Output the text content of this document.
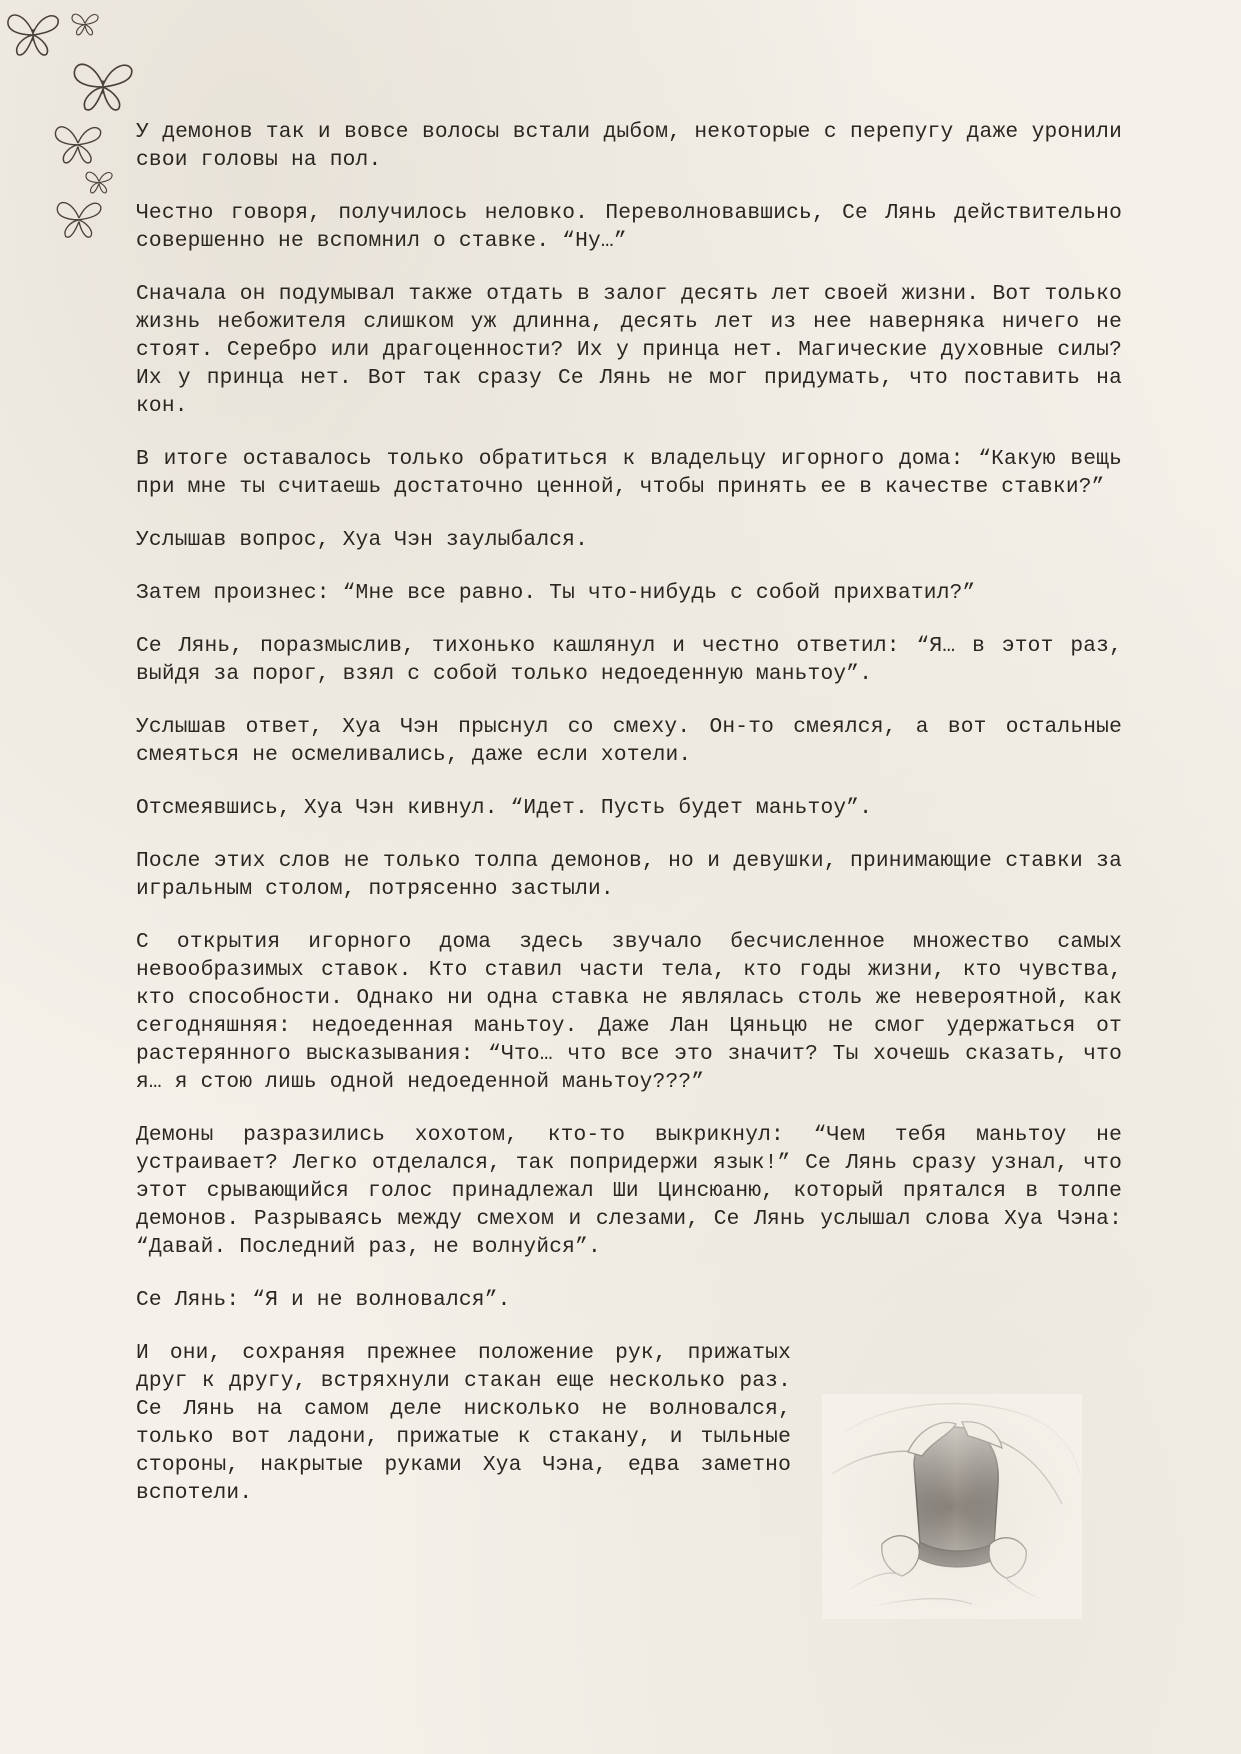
У демонов так и вовсе волосы встали дыбом, некоторые с перепугу даже уронили свои головы на пол.

Честно говоря, получилось неловко. Переволновавшись, Се Лянь действительно совершенно не вспомнил о ставке. “Ну…”

Сначала он подумывал также отдать в залог десять лет своей жизни. Вот только жизнь небожителя слишком уж длинна, десять лет из нее наверняка ничего не стоят. Серебро или драгоценности? Их у принца нет. Магические духовные силы? Их у принца нет. Вот так сразу Се Лянь не мог придумать, что поставить на кон.

В итоге оставалось только обратиться к владельцу игорного дома: “Какую вещь при мне ты считаешь достаточно ценной, чтобы принять ее в качестве ставки?”

Услышав вопрос, Хуа Чэн заулыбался.

Затем произнес: “Мне все равно. Ты что-нибудь с собой прихватил?”

Се Лянь, поразмыслив, тихонько кашлянул и честно ответил: “Я… в этот раз, выйдя за порог, взял с собой только недоеденную маньтоу”.

Услышав ответ, Хуа Чэн прыснул со смеху. Он-то смеялся, а вот остальные смеяться не осмеливались, даже если хотели.

Отсмеявшись, Хуа Чэн кивнул. “Идет. Пусть будет маньтоу”.

После этих слов не только толпа демонов, но и девушки, принимающие ставки за игральным столом, потрясенно застыли.

С открытия игорного дома здесь звучало бесчисленное множество самых невообразимых ставок. Кто ставил части тела, кто годы жизни, кто чувства, кто способности. Однако ни одна ставка не являлась столь же невероятной, как сегодняшняя: недоеденная маньтоу. Даже Лан Цяньцю не смог удержаться от растерянного высказывания: “Что… что все это значит? Ты хочешь сказать, что я… я стою лишь одной недоеденной маньтоу???”

Демоны разразились хохотом, кто-то выкрикнул: “Чем тебя маньтоу не устраивает? Легко отделался, так попридержи язык!” Се Лянь сразу узнал, что этот срывающийся голос принадлежал Ши Цинсюаню, который прятался в толпе демонов. Разрываясь между смехом и слезами, Се Лянь услышал слова Хуа Чэна: “Давай. Последний раз, не волнуйся”.

Се Лянь: “Я и не волновался”.

И они, сохраняя прежнее положение рук, прижатых друг к другу, встряхнули стакан еще несколько раз. Се Лянь на самом деле нисколько не волновался, только вот ладони, прижатые к стакану, и тыльные стороны, накрытые руками Хуа Чэна, едва заметно вспотели.
